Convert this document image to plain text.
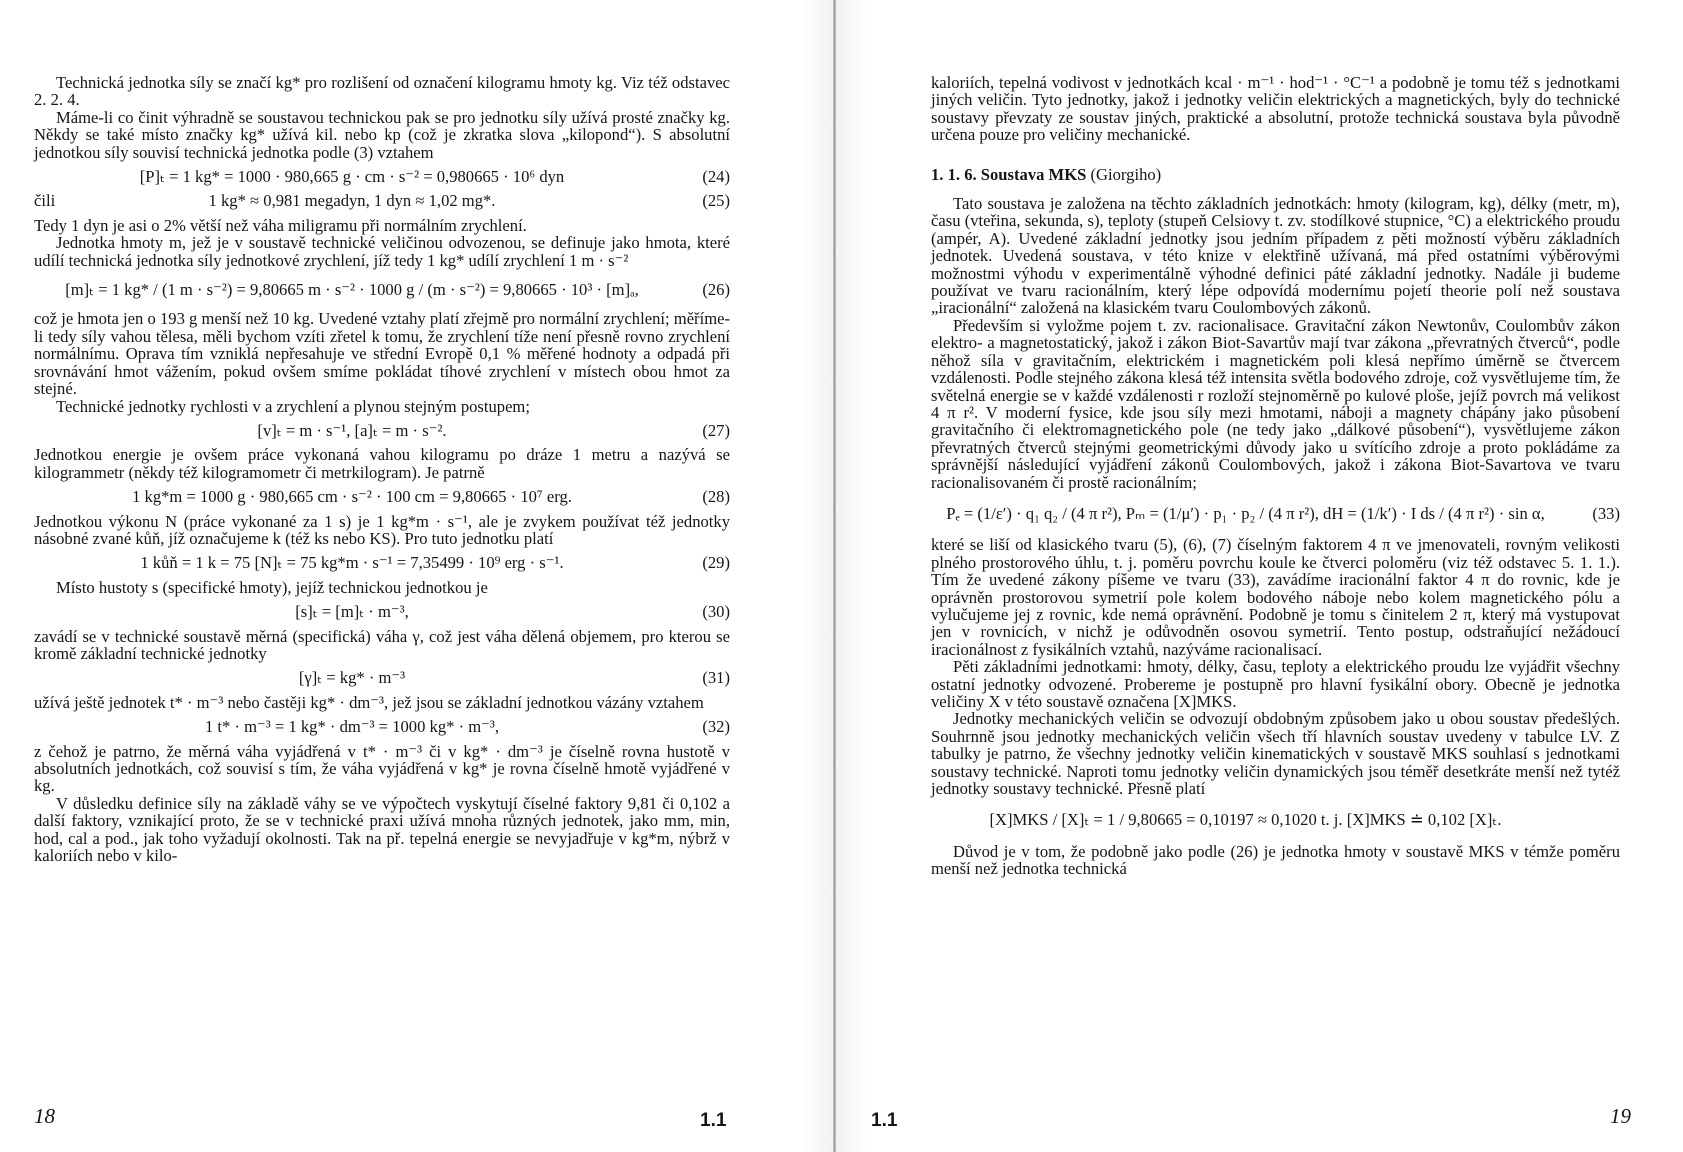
Technická jednotka síly se značí kg* pro rozlišení od označení kilogramu hmoty kg. Viz též odstavec 2. 2. 4.

Máme-li co činit výhradně se soustavou technickou pak se pro jednotku síly užívá prosté značky kg. Někdy se také místo značky kg* užívá kil. nebo kp (což je zkratka slova „kilopond“). S absolutní jednotkou síly souvisí technická jednotka podle (3) vztahem

[P]ₜ = 1 kg* = 1000 · 980,665 g · cm · s⁻² = 0,980665 · 10⁶ dyn	(24)
čili	1 kg* ≈ 0,981 megadyn, 1 dyn ≈ 1,02 mg*.	(25)

Tedy 1 dyn je asi o 2% větší než váha miligramu při normálním zrychlení.

Jednotka hmoty m, jež je v soustavě technické veličinou odvozenou, se definuje jako hmota, které udílí technická jednotka síly jednotkové zrychlení, jíž tedy 1 kg* udílí zrychlení 1 m · s⁻²

[m]ₜ = 1 kg* / (1 m · s⁻²) = 9,80665 m · s⁻² · 1000 g / (m · s⁻²) = 9,80665 · 10³ · [m]ₐ,	(26)

což je hmota jen o 193 g menší než 10 kg. Uvedené vztahy platí zřejmě pro normální zrychlení; měříme-li tedy síly vahou tělesa, měli bychom vzíti zřetel k tomu, že zrychlení tíže není přesně rovno zrychlení normálnímu. Oprava tím vzniklá nepřesahuje ve střední Evropě 0,1 % měřené hodnoty a odpadá při srovnávání hmot vážením, pokud ovšem smíme pokládat tíhové zrychlení v místech obou hmot za stejné.

Technické jednotky rychlosti v a zrychlení a plynou stejným postupem;

[v]ₜ = m · s⁻¹, [a]ₜ = m · s⁻².	(27)

Jednotkou energie je ovšem práce vykonaná vahou kilogramu po dráze 1 metru a nazývá se kilogrammetr (někdy též kilogramometr či metrkilogram). Je patrně

1 kg*m = 1000 g · 980,665 cm · s⁻² · 100 cm = 9,80665 · 10⁷ erg.	(28)

Jednotkou výkonu N (práce vykonané za 1 s) je 1 kg*m · s⁻¹, ale je zvykem používat též jednotky násobné zvané kůň, jíž označujeme k (též ks nebo KS). Pro tuto jednotku platí

1 kůň = 1 k = 75 [N]ₜ = 75 kg*m · s⁻¹ = 7,35499 · 10⁹ erg · s⁻¹.	(29)

Místo hustoty s (specifické hmoty), jejíž technickou jednotkou je

[s]ₜ = [m]ₜ · m⁻³,	(30)

zavádí se v technické soustavě měrná (specifická) váha γ, což jest váha dělená objemem, pro kterou se kromě základní technické jednotky

[γ]ₜ = kg* · m⁻³	(31)

užívá ještě jednotek t* · m⁻³ nebo častěji kg* · dm⁻³, jež jsou se základní jednotkou vázány vztahem

1 t* · m⁻³ = 1 kg* · dm⁻³ = 1000 kg* · m⁻³,	(32)

z čehož je patrno, že měrná váha vyjádřená v t* · m⁻³ či v kg* · dm⁻³ je číselně rovna hustotě v absolutních jednotkách, což souvisí s tím, že váha vyjádřená v kg* je rovna číselně hmotě vyjádřené v kg.

V důsledku definice síly na základě váhy se ve výpočtech vyskytují číselné faktory 9,81 či 0,102 a další faktory, vznikající proto, že se v technické praxi užívá mnoha různých jednotek, jako mm, min, hod, cal a pod., jak toho vyžadují okolnosti. Tak na př. tepelná energie se nevyjadřuje v kg*m, nýbrž v kaloriích nebo v kilo-

18	1.1

kaloriích, tepelná vodivost v jednotkách kcal · m⁻¹ · hod⁻¹ · °C⁻¹ a podobně je tomu též s jednotkami jiných veličin. Tyto jednotky, jakož i jednotky veličin elektrických a magnetických, byly do technické soustavy převzaty ze soustav jiných, praktické a absolutní, protože technická soustava byla původně určena pouze pro veličiny mechanické.

1. 1. 6. Soustava MKS (Giorgiho)

Tato soustava je založena na těchto základních jednotkách: hmoty (kilogram, kg), délky (metr, m), času (vteřina, sekunda, s), teploty (stupeň Celsiovy t. zv. stodílkové stupnice, °C) a elektrického proudu (ampér, A). Uvedené základní jednotky jsou jedním případem z pěti možností výběru základních jednotek. Uvedená soustava, v této knize v elektřině užívaná, má před ostatními výběrovými možnostmi výhodu v experimentálně výhodné definici páté základní jednotky. Nadále ji budeme používat ve tvaru racionálním, který lépe odpovídá modernímu pojetí theorie polí než soustava „iracionální“ založená na klasickém tvaru Coulombových zákonů.

Především si vyložme pojem t. zv. racionalisace. Gravitační zákon Newtonův, Coulombův zákon elektro- a magnetostatický, jakož i zákon Biot-Savartův mají tvar zákona „převratných čtverců“, podle něhož síla v gravitačním, elektrickém i magnetickém poli klesá nepřímo úměrně se čtvercem vzdálenosti. Podle stejného zákona klesá též intensita světla bodového zdroje, což vysvětlujeme tím, že světelná energie se v každé vzdálenosti r rozloží stejnoměrně po kulové ploše, jejíž povrch má velikost 4 π r². V moderní fysice, kde jsou síly mezi hmotami, náboji a magnety chápány jako působení gravitačního či elektromagnetického pole (ne tedy jako „dálkové působení“), vysvětlujeme zákon převratných čtverců stejnými geometrickými důvody jako u svítícího zdroje a proto pokládáme za správnější následující vyjádření zákonů Coulombových, jakož i zákona Biot-Savartova ve tvaru racionalisovaném či prostě racionálním;

Pₑ = (1/ε′) · q₁ q₂ / (4 π r²), Pₘ = (1/μ′) · p₁ · p₂ / (4 π r²), dH = (1/k′) · I ds / (4 π r²) · sin α,	(33)

které se liší od klasického tvaru (5), (6), (7) číselným faktorem 4 π ve jmenovateli, rovným velikosti plného prostorového úhlu, t. j. poměru povrchu koule ke čtverci poloměru (viz též odstavec 5. 1. 1.). Tím že uvedené zákony píšeme ve tvaru (33), zavádíme iracionální faktor 4 π do rovnic, kde je oprávněn prostorovou symetrií pole kolem bodového náboje nebo kolem magnetického pólu a vylučujeme jej z rovnic, kde nemá oprávnění. Podobně je tomu s činitelem 2 π, který má vystupovat jen v rovnicích, v nichž je odůvodněn osovou symetrií. Tento postup, odstraňující nežádoucí iracionálnost z fysikálních vztahů, nazýváme racionalisací.

Pěti základními jednotkami: hmoty, délky, času, teploty a elektrického proudu lze vyjádřit všechny ostatní jednotky odvozené. Probereme je postupně pro hlavní fysikální obory. Obecně je jednotka veličiny X v této soustavě označena [X]MKS.

Jednotky mechanických veličin se odvozují obdobným způsobem jako u obou soustav předešlých. Souhrnně jsou jednotky mechanických veličin všech tří hlavních soustav uvedeny v tabulce LV. Z tabulky je patrno, že všechny jednotky veličin kinematických v soustavě MKS souhlasí s jednotkami soustavy technické. Naproti tomu jednotky veličin dynamických jsou téměř desetkráte menší než tytéž jednotky soustavy technické. Přesně platí

[X]MKS / [X]ₜ = 1 / 9,80665 = 0,10197 ≈ 0,1020 t. j. [X]MKS ≐ 0,102 [X]ₜ.

Důvod je v tom, že podobně jako podle (26) je jednotka hmoty v soustavě MKS v témže poměru menší než jednotka technická

1.1	19
